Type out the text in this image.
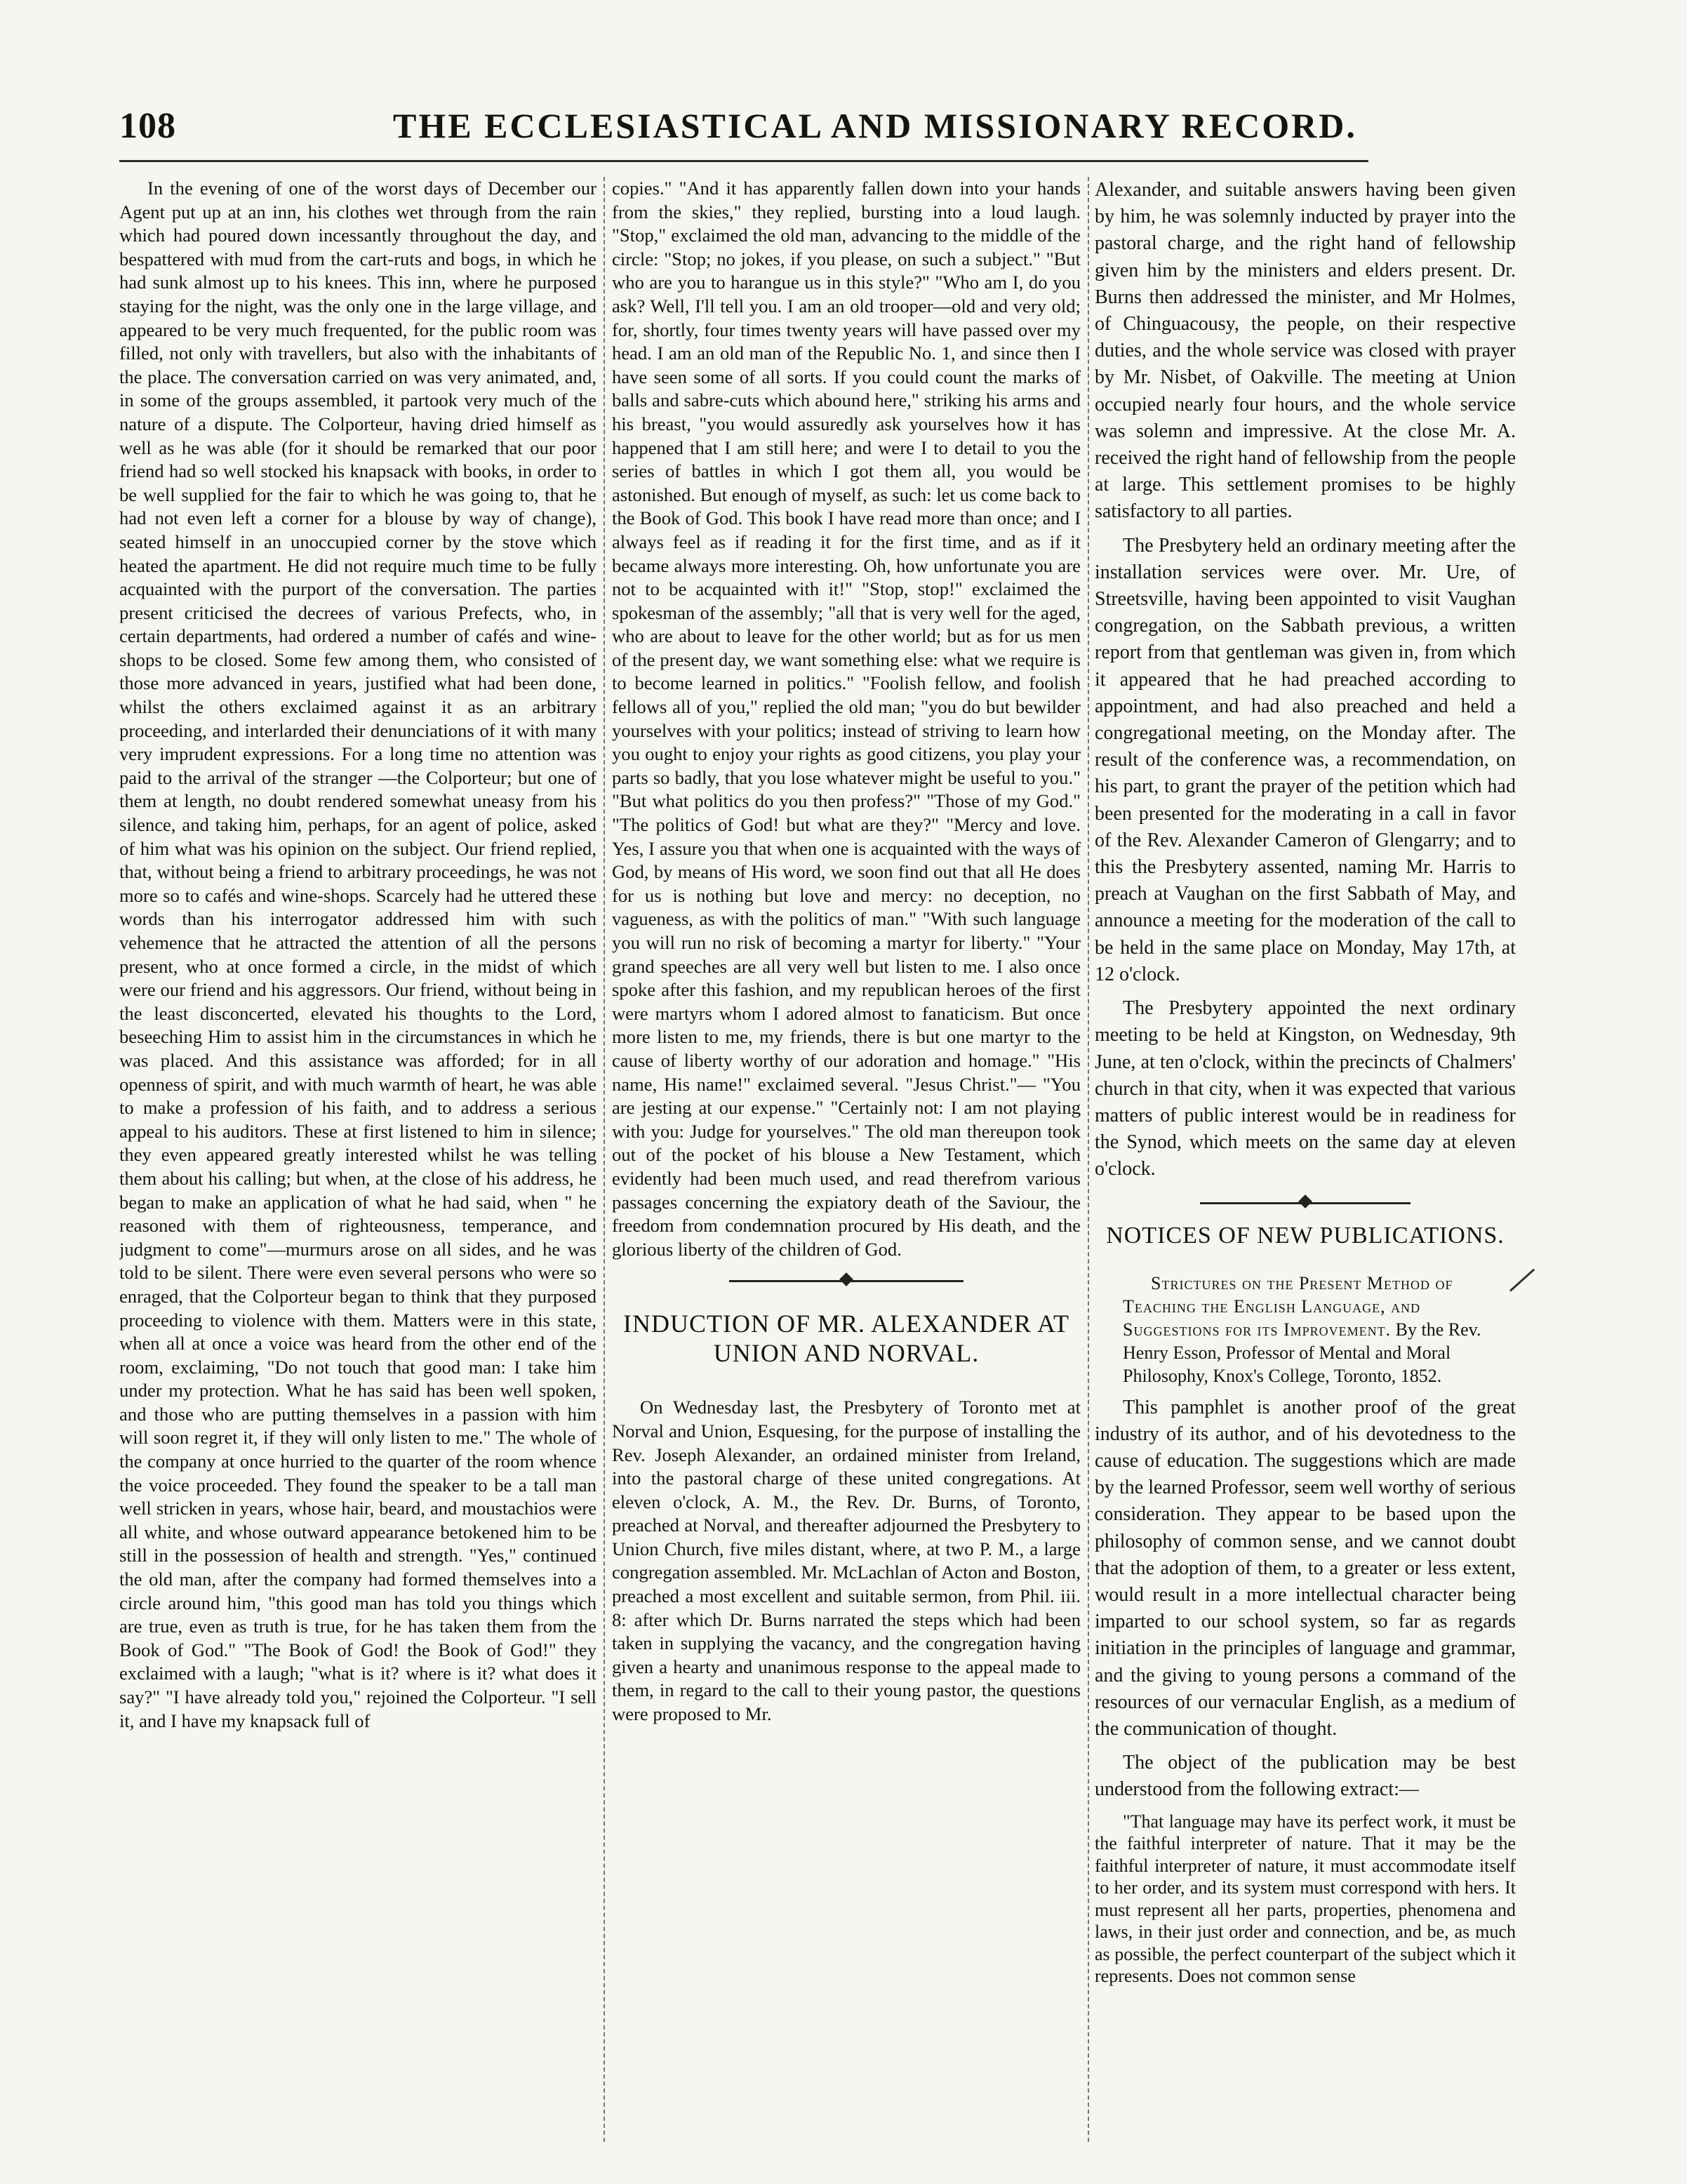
108	THE ECCLESIASTICAL AND MISSIONARY RECORD.

In the evening of one of the worst days of December our Agent put up at an inn, his clothes wet through from the rain which had poured down incessantly throughout the day, and bespattered with mud from the cart-ruts and bogs, in which he had sunk almost up to his knees. This inn, where he purposed staying for the night, was the only one in the large village, and appeared to be very much frequented, for the public room was filled, not only with travellers, but also with the inhabitants of the place. The conversation carried on was very animated, and, in some of the groups assembled, it partook very much of the nature of a dispute. The Colporteur, having dried himself as well as he was able (for it should be remarked that our poor friend had so well stocked his knapsack with books, in order to be well supplied for the fair to which he was going to, that he had not even left a corner for a blouse by way of change), seated himself in an unoccupied corner by the stove which heated the apartment. He did not require much time to be fully acquainted with the purport of the conversation. The parties present criticised the decrees of various Prefects, who, in certain departments, had ordered a number of cafés and wine-shops to be closed. Some few among them, who consisted of those more advanced in years, justified what had been done, whilst the others exclaimed against it as an arbitrary proceeding, and interlarded their denunciations of it with many very imprudent expressions. For a long time no attention was paid to the arrival of the stranger —the Colporteur; but one of them at length, no doubt rendered somewhat uneasy from his silence, and taking him, perhaps, for an agent of police, asked of him what was his opinion on the subject. Our friend replied, that, without being a friend to arbitrary proceedings, he was not more so to cafés and wine-shops. Scarcely had he uttered these words than his interrogator addressed him with such vehemence that he attracted the attention of all the persons present, who at once formed a circle, in the midst of which were our friend and his aggressors. Our friend, without being in the least disconcerted, elevated his thoughts to the Lord, beseeching Him to assist him in the circumstances in which he was placed. And this assistance was afforded; for in all openness of spirit, and with much warmth of heart, he was able to make a profession of his faith, and to address a serious appeal to his auditors. These at first listened to him in silence; they even appeared greatly interested whilst he was telling them about his calling; but when, at the close of his address, he began to make an application of what he had said, when " he reasoned with them of righteousness, temperance, and judgment to come"—murmurs arose on all sides, and he was told to be silent. There were even several persons who were so enraged, that the Colporteur began to think that they purposed proceeding to violence with them. Matters were in this state, when all at once a voice was heard from the other end of the room, exclaiming, "Do not touch that good man: I take him under my protection. What he has said has been well spoken, and those who are putting themselves in a passion with him will soon regret it, if they will only listen to me." The whole of the company at once hurried to the quarter of the room whence the voice proceeded. They found the speaker to be a tall man well stricken in years, whose hair, beard, and moustachios were all white, and whose outward appearance betokened him to be still in the possession of health and strength. "Yes," continued the old man, after the company had formed themselves into a circle around him, "this good man has told you things which are true, even as truth is true, for he has taken them from the Book of God." "The Book of God! the Book of God!" they exclaimed with a laugh; "what is it? where is it? what does it say?" "I have already told you," rejoined the Colporteur. "I sell it, and I have my knapsack full of

copies." "And it has apparently fallen down into your hands from the skies," they replied, bursting into a loud laugh. "Stop," exclaimed the old man, advancing to the middle of the circle: "Stop; no jokes, if you please, on such a subject." "But who are you to harangue us in this style?" "Who am I, do you ask? Well, I'll tell you. I am an old trooper—old and very old; for, shortly, four times twenty years will have passed over my head. I am an old man of the Republic No. 1, and since then I have seen some of all sorts. If you could count the marks of balls and sabre-cuts which abound here," striking his arms and his breast, "you would assuredly ask yourselves how it has happened that I am still here; and were I to detail to you the series of battles in which I got them all, you would be astonished. But enough of myself, as such: let us come back to the Book of God. This book I have read more than once; and I always feel as if reading it for the first time, and as if it became always more interesting. Oh, how unfortunate you are not to be acquainted with it!" "Stop, stop!" exclaimed the spokesman of the assembly; "all that is very well for the aged, who are about to leave for the other world; but as for us men of the present day, we want something else: what we require is to become learned in politics." "Foolish fellow, and foolish fellows all of you," replied the old man; "you do but bewilder yourselves with your politics; instead of striving to learn how you ought to enjoy your rights as good citizens, you play your parts so badly, that you lose whatever might be useful to you." "But what politics do you then profess?" "Those of my God." "The politics of God! but what are they?" "Mercy and love. Yes, I assure you that when one is acquainted with the ways of God, by means of His word, we soon find out that all He does for us is nothing but love and mercy: no deception, no vagueness, as with the politics of man." "With such language you will run no risk of becoming a martyr for liberty." "Your grand speeches are all very well but listen to me. I also once spoke after this fashion, and my republican heroes of the first were martyrs whom I adored almost to fanaticism. But once more listen to me, my friends, there is but one martyr to the cause of liberty worthy of our adoration and homage." "His name, His name!" exclaimed several. "Jesus Christ."— "You are jesting at our expense." "Certainly not: I am not playing with you: Judge for yourselves." The old man thereupon took out of the pocket of his blouse a New Testament, which evidently had been much used, and read therefrom various passages concerning the expiatory death of the Saviour, the freedom from condemnation procured by His death, and the glorious liberty of the children of God.

INDUCTION OF MR. ALEXANDER AT UNION AND NORVAL.

On Wednesday last, the Presbytery of Toronto met at Norval and Union, Esquesing, for the purpose of installing the Rev. Joseph Alexander, an ordained minister from Ireland, into the pastoral charge of these united congregations. At eleven o'clock, A. M., the Rev. Dr. Burns, of Toronto, preached at Norval, and thereafter adjourned the Presbytery to Union Church, five miles distant, where, at two P. M., a large congregation assembled. Mr. McLachlan of Acton and Boston, preached a most excellent and suitable sermon, from Phil. iii. 8: after which Dr. Burns narrated the steps which had been taken in supplying the vacancy, and the congregation having given a hearty and unanimous response to the appeal made to them, in regard to the call to their young pastor, the questions were proposed to Mr.

Alexander, and suitable answers having been given by him, he was solemnly inducted by prayer into the pastoral charge, and the right hand of fellowship given him by the ministers and elders present. Dr. Burns then addressed the minister, and Mr Holmes, of Chinguacousy, the people, on their respective duties, and the whole service was closed with prayer by Mr. Nisbet, of Oakville. The meeting at Union occupied nearly four hours, and the whole service was solemn and impressive. At the close Mr. A. received the right hand of fellowship from the people at large. This settlement promises to be highly satisfactory to all parties.

The Presbytery held an ordinary meeting after the installation services were over. Mr. Ure, of Streetsville, having been appointed to visit Vaughan congregation, on the Sabbath previous, a written report from that gentleman was given in, from which it appeared that he had preached according to appointment, and had also preached and held a congregational meeting, on the Monday after. The result of the conference was, a recommendation, on his part, to grant the prayer of the petition which had been presented for the moderating in a call in favor of the Rev. Alexander Cameron of Glengarry; and to this the Presbytery assented, naming Mr. Harris to preach at Vaughan on the first Sabbath of May, and announce a meeting for the moderation of the call to be held in the same place on Monday, May 17th, at 12 o'clock.

The Presbytery appointed the next ordinary meeting to be held at Kingston, on Wednesday, 9th June, at ten o'clock, within the precincts of Chalmers' church in that city, when it was expected that various matters of public interest would be in readiness for the Synod, which meets on the same day at eleven o'clock.

NOTICES OF NEW PUBLICATIONS.

Strictures on the Present Method of Teaching the English Language, and Suggestions for its Improvement. By the Rev. Henry Esson, Professor of Mental and Moral Philosophy, Knox's College, Toronto, 1852.

This pamphlet is another proof of the great industry of its author, and of his devotedness to the cause of education. The suggestions which are made by the learned Professor, seem well worthy of serious consideration. They appear to be based upon the philosophy of common sense, and we cannot doubt that the adoption of them, to a greater or less extent, would result in a more intellectual character being imparted to our school system, so far as regards initiation in the principles of language and grammar, and the giving to young persons a command of the resources of our vernacular English, as a medium of the communication of thought.

The object of the publication may be best understood from the following extract:—

"That language may have its perfect work, it must be the faithful interpreter of nature. That it may be the faithful interpreter of nature, it must accommodate itself to her order, and its system must correspond with hers. It must represent all her parts, properties, phenomena and laws, in their just order and connection, and be, as much as possible, the perfect counterpart of the subject which it represents. Does not common sense
